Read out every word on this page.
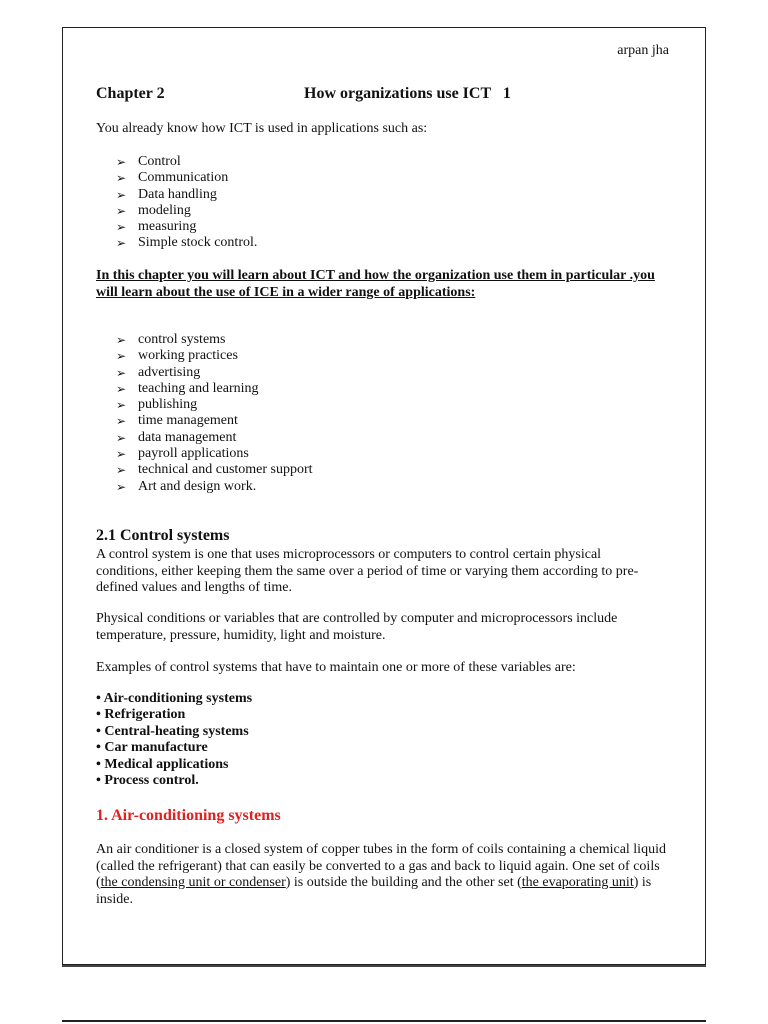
arpan jha
Chapter 2	How organizations use ICT   1
You already know how ICT is used in applications such as:
➢ Control
➢ Communication
➢ Data handling
➢ modeling
➢ measuring
➢ Simple stock control.
In this chapter you will learn about ICT and how the organization use them in particular .you will learn about the use of ICE in a wider range of applications:
➢ control systems
➢ working practices
➢ advertising
➢ teaching and learning
➢ publishing
➢ time management
➢ data management
➢ payroll applications
➢ technical and customer support
➢ Art and design work.
2.1 Control systems
A control system is one that uses microprocessors or computers to control certain physical conditions, either keeping them the same over a period of time or varying them according to pre-defined values and lengths of time.
Physical conditions or variables that are controlled by computer and microprocessors include temperature, pressure, humidity, light and moisture.
Examples of control systems that have to maintain one or more of these variables are:
• Air-conditioning systems
• Refrigeration
• Central-heating systems
• Car manufacture
• Medical applications
• Process control.
1. Air-conditioning systems
An air conditioner is a closed system of copper tubes in the form of coils containing a chemical liquid (called the refrigerant) that can easily be converted to a gas and back to liquid again. One set of coils (the condensing unit or condenser) is outside the building and the other set (the evaporating unit) is inside.
